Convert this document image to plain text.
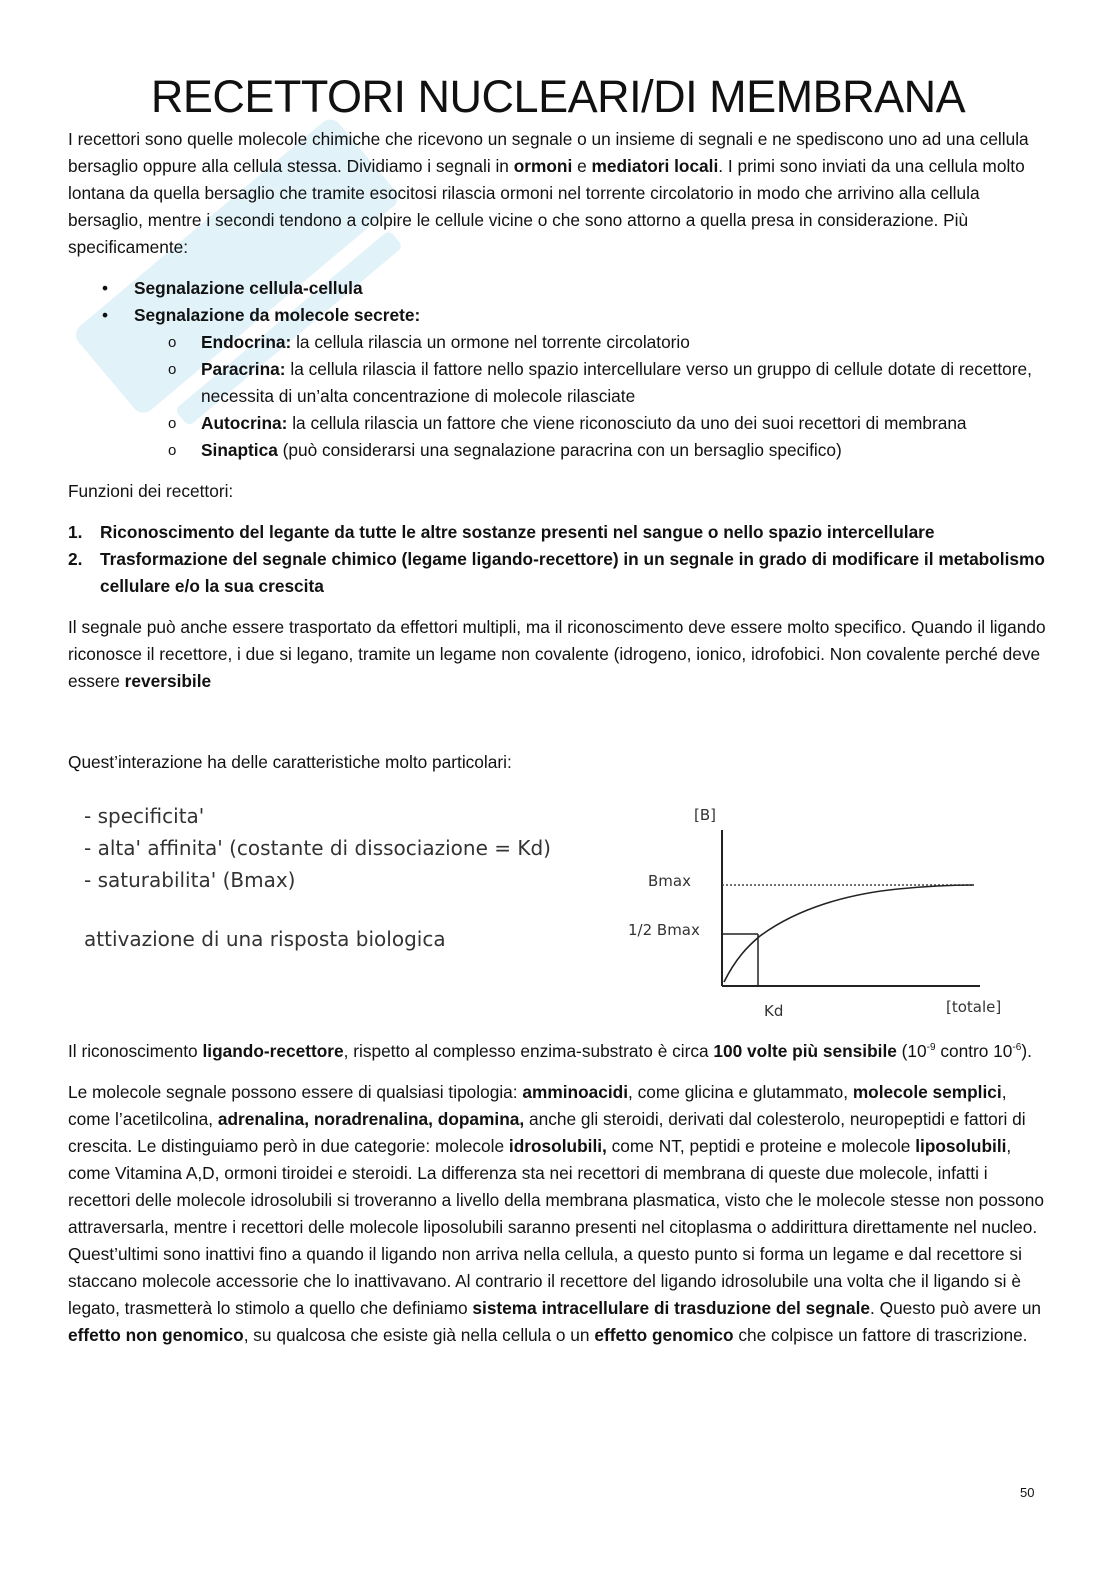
RECETTORI NUCLEARI/DI MEMBRANA

I recettori sono quelle molecole chimiche che ricevono un segnale o un insieme di segnali e ne spediscono uno ad una cellula bersaglio oppure alla cellula stessa. Dividiamo i segnali in ormoni e mediatori locali. I primi sono inviati da una cellula molto lontana da quella bersaglio che tramite esocitosi rilascia ormoni nel torrente circolatorio in modo che arrivino alla cellula bersaglio, mentre i secondi tendono a colpire le cellule vicine o che sono attorno a quella presa in considerazione. Più specificamente:

• Segnalazione cellula-cellula
• Segnalazione da molecole secrete:
o Endocrina: la cellula rilascia un ormone nel torrente circolatorio
o Paracrina: la cellula rilascia il fattore nello spazio intercellulare verso un gruppo di cellule dotate di recettore, necessita di un’alta concentrazione di molecole rilasciate
o Autocrina: la cellula rilascia un fattore che viene riconosciuto da uno dei suoi recettori di membrana
o Sinaptica (può considerarsi una segnalazione paracrina con un bersaglio specifico)

Funzioni dei recettori:

1. Riconoscimento del legante da tutte le altre sostanze presenti nel sangue o nello spazio intercellulare
2. Trasformazione del segnale chimico (legame ligando-recettore) in un segnale in grado di modificare il metabolismo cellulare e/o la sua crescita

Il segnale può anche essere trasportato da effettori multipli, ma il riconoscimento deve essere molto specifico. Quando il ligando riconosce il recettore, i due si legano, tramite un legame non covalente (idrogeno, ionico, idrofobici. Non covalente perché deve essere reversibile

Quest’interazione ha delle caratteristiche molto particolari:

- specificita'
- alta' affinita' (costante di dissociazione = Kd)
- saturabilita' (Bmax)
attivazione di una risposta biologica
[B]
Bmax
1/2 Bmax
Kd	[totale]

Il riconoscimento ligando-recettore, rispetto al complesso enzima-substrato è circa 100 volte più sensibile ($10^{-9}$ contro $10^{-6}$).

Le molecole segnale possono essere di qualsiasi tipologia: amminoacidi, come glicina e glutammato, molecole semplici, come l’acetilcolina, adrenalina, noradrenalina, dopamina, anche gli steroidi, derivati dal colesterolo, neuropeptidi e fattori di crescita. Le distinguiamo però in due categorie: molecole idrosolubili, come NT, peptidi e proteine e molecole liposolubili, come Vitamina A,D, ormoni tiroidei e steroidi. La differenza sta nei recettori di membrana di queste due molecole, infatti i recettori delle molecole idrosolubili si troveranno a livello della membrana plasmatica, visto che le molecole stesse non possono attraversarla, mentre i recettori delle molecole liposolubili saranno presenti nel citoplasma o addirittura direttamente nel nucleo. Quest’ultimi sono inattivi fino a quando il ligando non arriva nella cellula, a questo punto si forma un legame e dal recettore si staccano molecole accessorie che lo inattivavano. Al contrario il recettore del ligando idrosolubile una volta che il ligando si è legato, trasmetterà lo stimolo a quello che definiamo sistema intracellulare di trasduzione del segnale. Questo può avere un effetto non genomico, su qualcosa che esiste già nella cellula o un effetto genomico che colpisce un fattore di trascrizione.

50
